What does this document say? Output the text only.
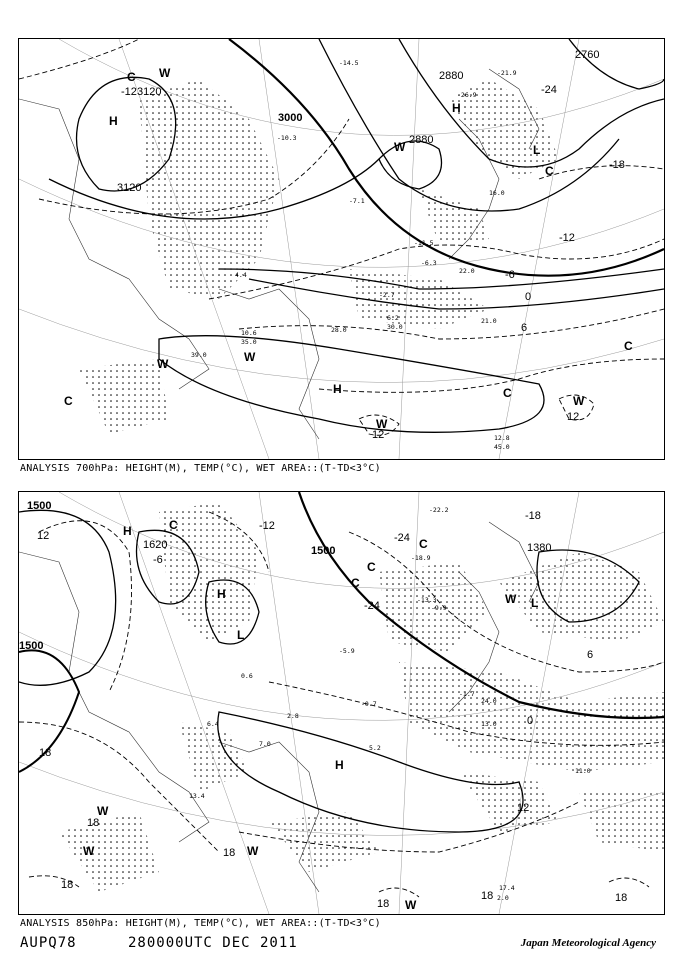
3120
3120
3000
2880
2880
2760
-12	-24
-18
-12
-6
0
6
12
12
H
C W
W
H
L
C
C
H
W
W
C
W
C
W
-14.5
-21.9
-26.9
-10.3
-7.1
-11.5
-6.3
-2.7
4.4
6.2
10.6
12.8
45.0
39.0
30.0
28.0
35.0
22.0
21.0
16.0
ANALYSIS 700hPa: HEIGHT(M), TEMP(°C), WET AREA::(T-TD<3°C)
1500
1620	1500
1500
1380
12
-6
-12
-24
-24
-18
6
0
12
18
18
18
18
18
18	18
H	C
C
H
L
C
C
L
W
H
W
W	W
W
-22.2
-18.9
-13.3
-9.9
-5.9
-1.7
-0.7
0.6
2.8
5.2
6.4
7.0
13.4
17.4
24.0
13.0
11.0
2.0
ANALYSIS 850hPa: HEIGHT(M), TEMP(°C), WET AREA::(T-TD<3°C)
AUPQ78	280000UTC DEC 2011	Japan Meteorological Agency
